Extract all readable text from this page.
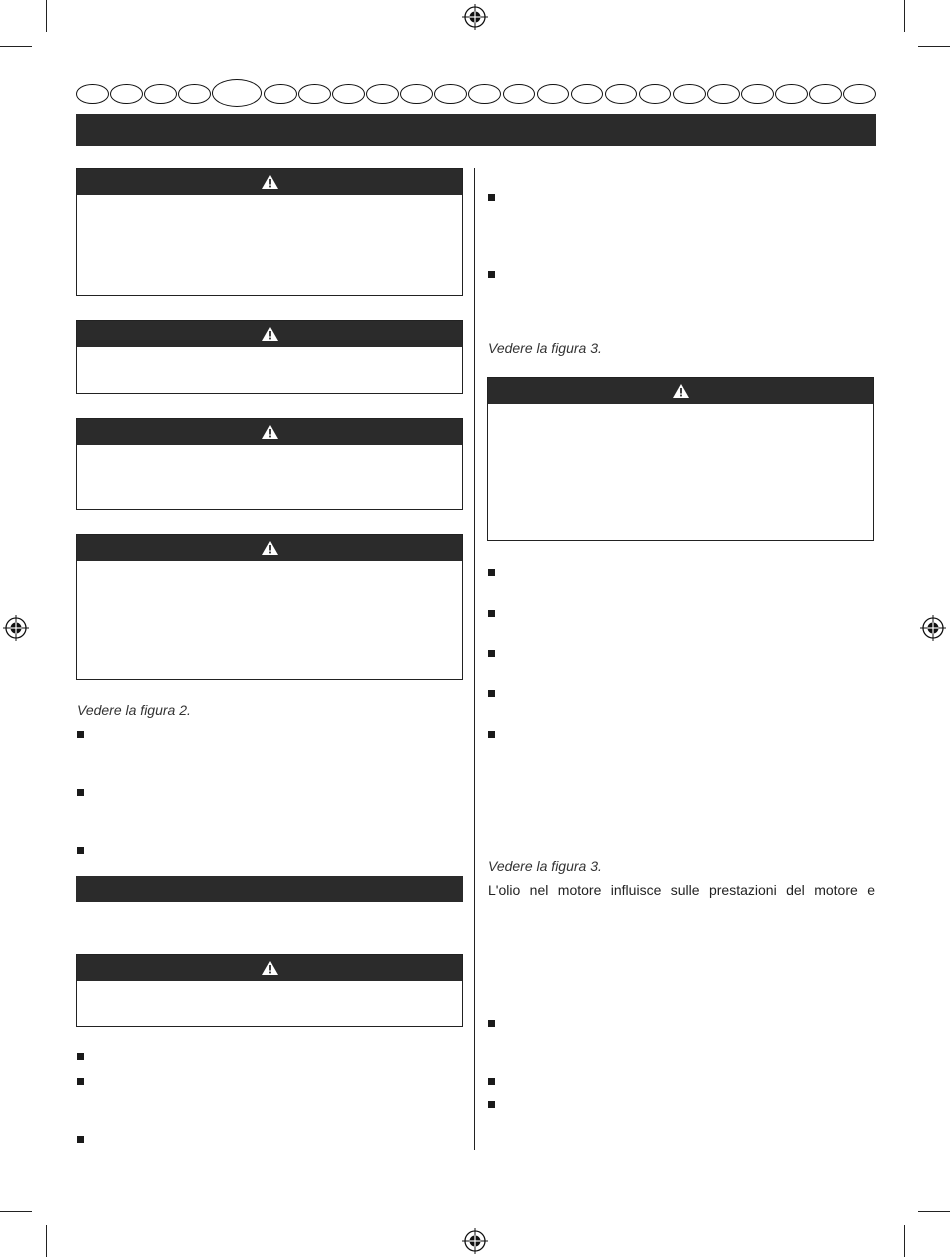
Vedere la figura 2.
Vedere la figura 3.
Vedere la figura 3.
L'olio nel motore influisce sulle prestazioni del motore e
